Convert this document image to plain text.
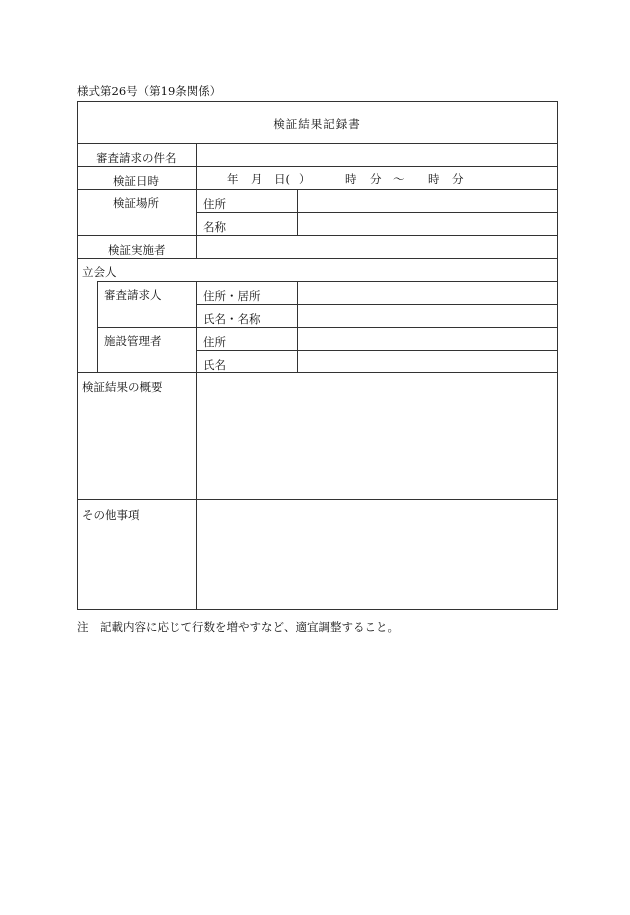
様式第26号（第19条関係）
検証結果記録書
審査請求の件名
検証日時	年 月 日( ）	時 分 〜 時 分
検証場所	住所
名称
検証実施者
立会人
審査請求人	住所・居所
氏名・名称
施設管理者	住所
氏名
検証結果の概要
その他事項
注　記載内容に応じて行数を増やすなど、適宜調整すること。
